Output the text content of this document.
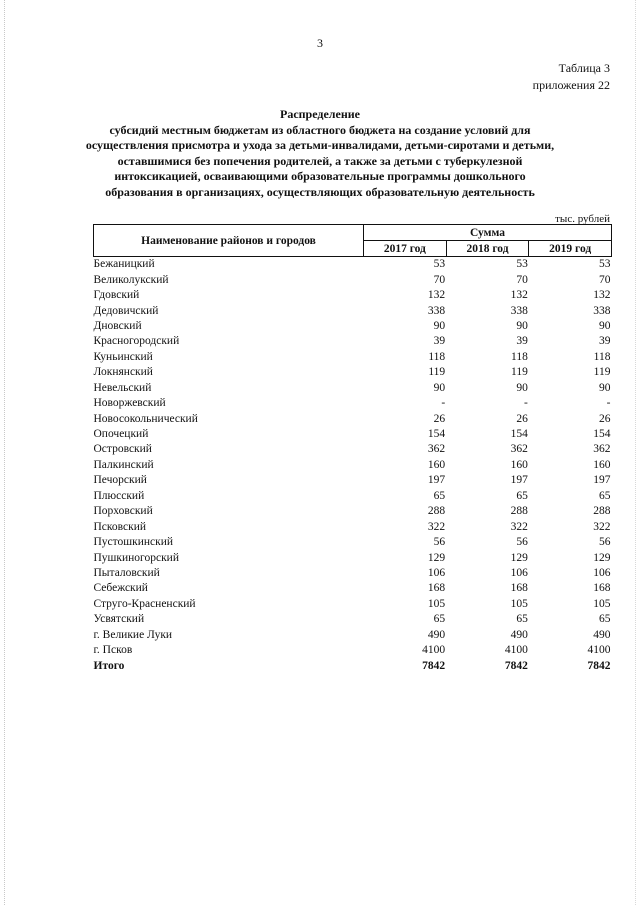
3
Таблица 3
приложения 22
Распределение
субсидий местным бюджетам из областного бюджета на создание условий для
осуществления присмотра и ухода за детьми-инвалидами, детьми-сиротами и детьми,
оставшимися без попечения родителей, а также за детьми с туберкулезной
интоксикацией, осваивающими образовательные программы дошкольного
образования в организациях, осуществляющих образовательную деятельность
тыс. рублей
Наименование районов и городов	Сумма		
	2017 год	2018 год	2019 год
Бежаницкий	53	53	53
Великолукский	70	70	70
Гдовский	132	132	132
Дедовичский	338	338	338
Дновский	90	90	90
Красногородский	39	39	39
Куньинский	118	118	118
Локнянский	119	119	119
Невельский	90	90	90
Новоржевский	-	-	-
Новосокольнический	26	26	26
Опочецкий	154	154	154
Островский	362	362	362
Палкинский	160	160	160
Печорский	197	197	197
Плюсский	65	65	65
Порховский	288	288	288
Псковский	322	322	322
Пустошкинский	56	56	56
Пушкиногорский	129	129	129
Пыталовский	106	106	106
Себежский	168	168	168
Струго-Красненский	105	105	105
Усвятский	65	65	65
г. Великие Луки	490	490	490
г. Псков	4100	4100	4100
Итого	7842	7842	7842
